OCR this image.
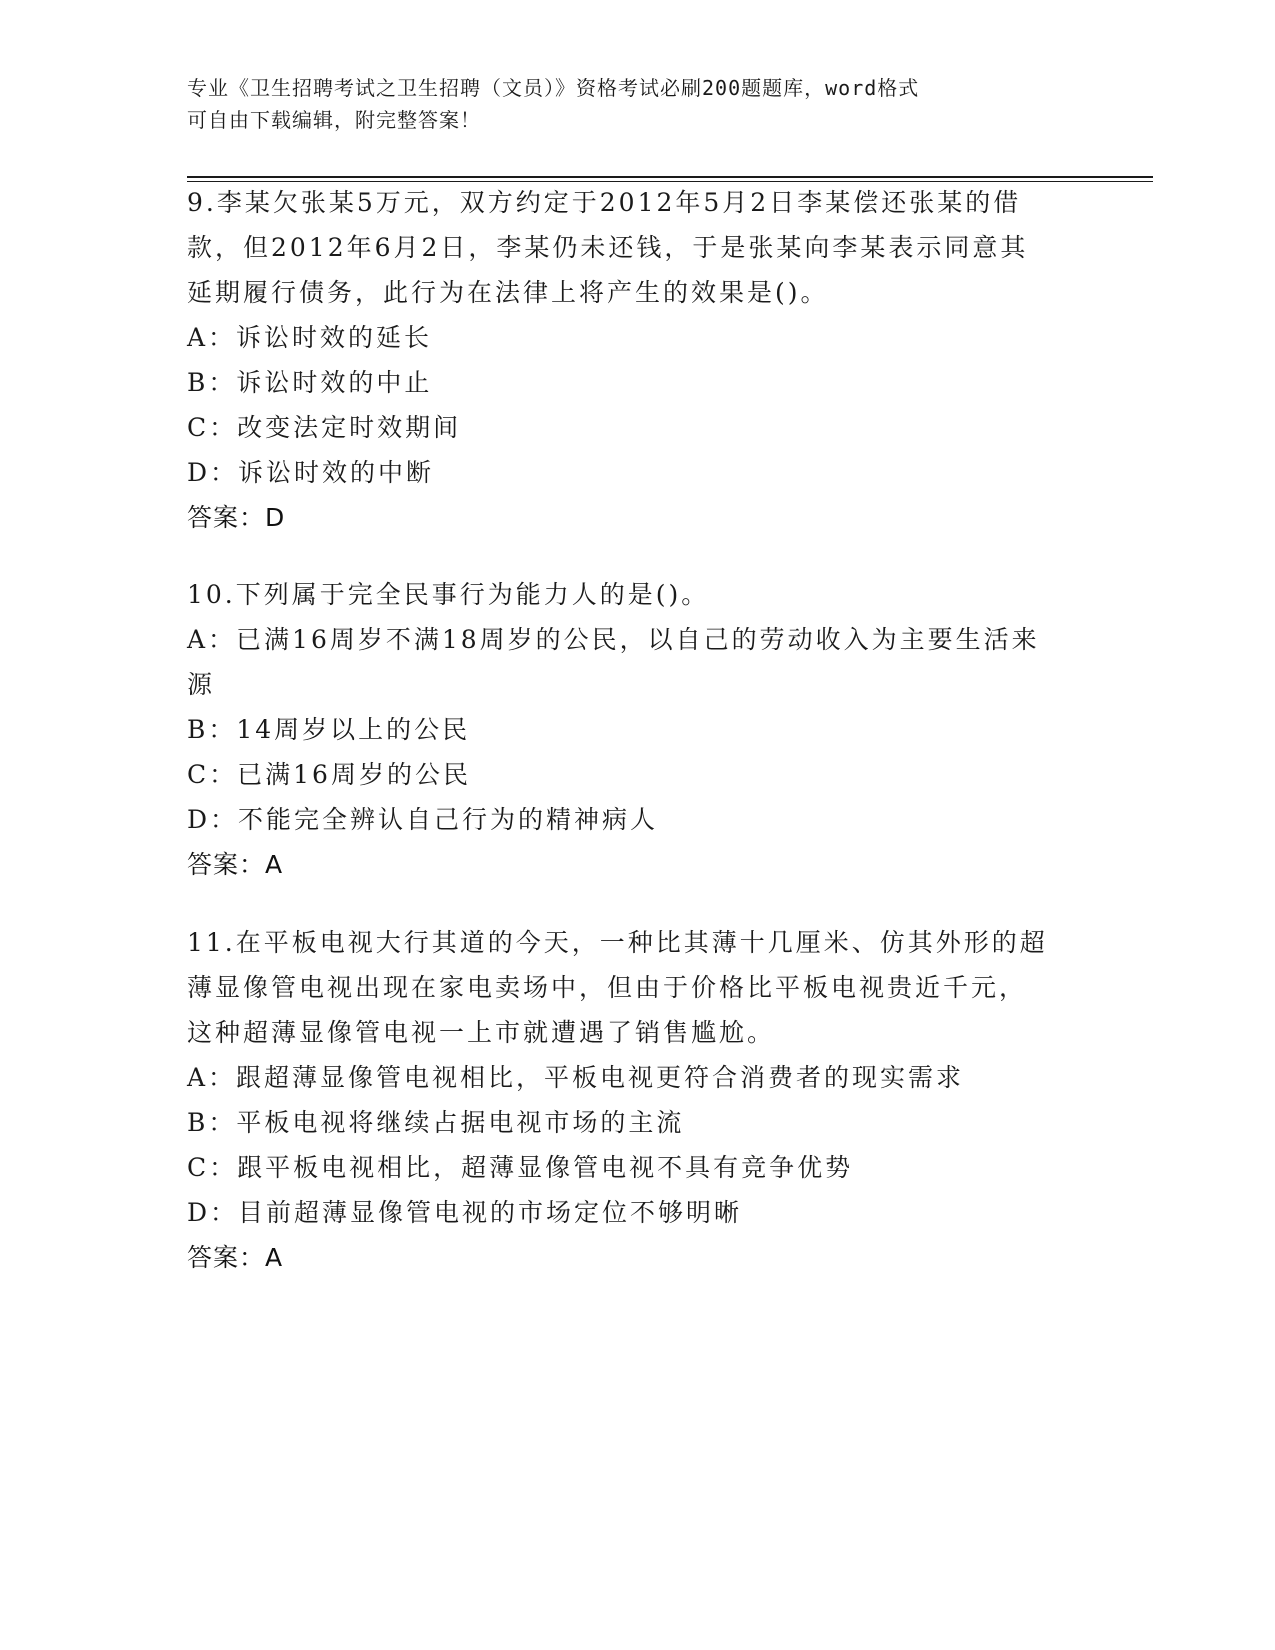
专业《卫生招聘考试之卫生招聘（文员）》资格考试必刷200题题库，word格式
可自由下载编辑，附完整答案！
9.李某欠张某5万元，双方约定于2012年5月2日李某偿还张某的借
款，但2012年6月2日，李某仍未还钱，于是张某向李某表示同意其
延期履行债务，此行为在法律上将产生的效果是()。
A：诉讼时效的延长
B：诉讼时效的中止
C：改变法定时效期间
D：诉讼时效的中断
答案：D
10.下列属于完全民事行为能力人的是()。
A：已满16周岁不满18周岁的公民，以自己的劳动收入为主要生活来
源
B：14周岁以上的公民
C：已满16周岁的公民
D：不能完全辨认自己行为的精神病人
答案：A
11.在平板电视大行其道的今天，一种比其薄十几厘米、仿其外形的超
薄显像管电视出现在家电卖场中，但由于价格比平板电视贵近千元，
这种超薄显像管电视一上市就遭遇了销售尴尬。
A：跟超薄显像管电视相比，平板电视更符合消费者的现实需求
B：平板电视将继续占据电视市场的主流
C：跟平板电视相比，超薄显像管电视不具有竞争优势
D：目前超薄显像管电视的市场定位不够明晰
答案：A
